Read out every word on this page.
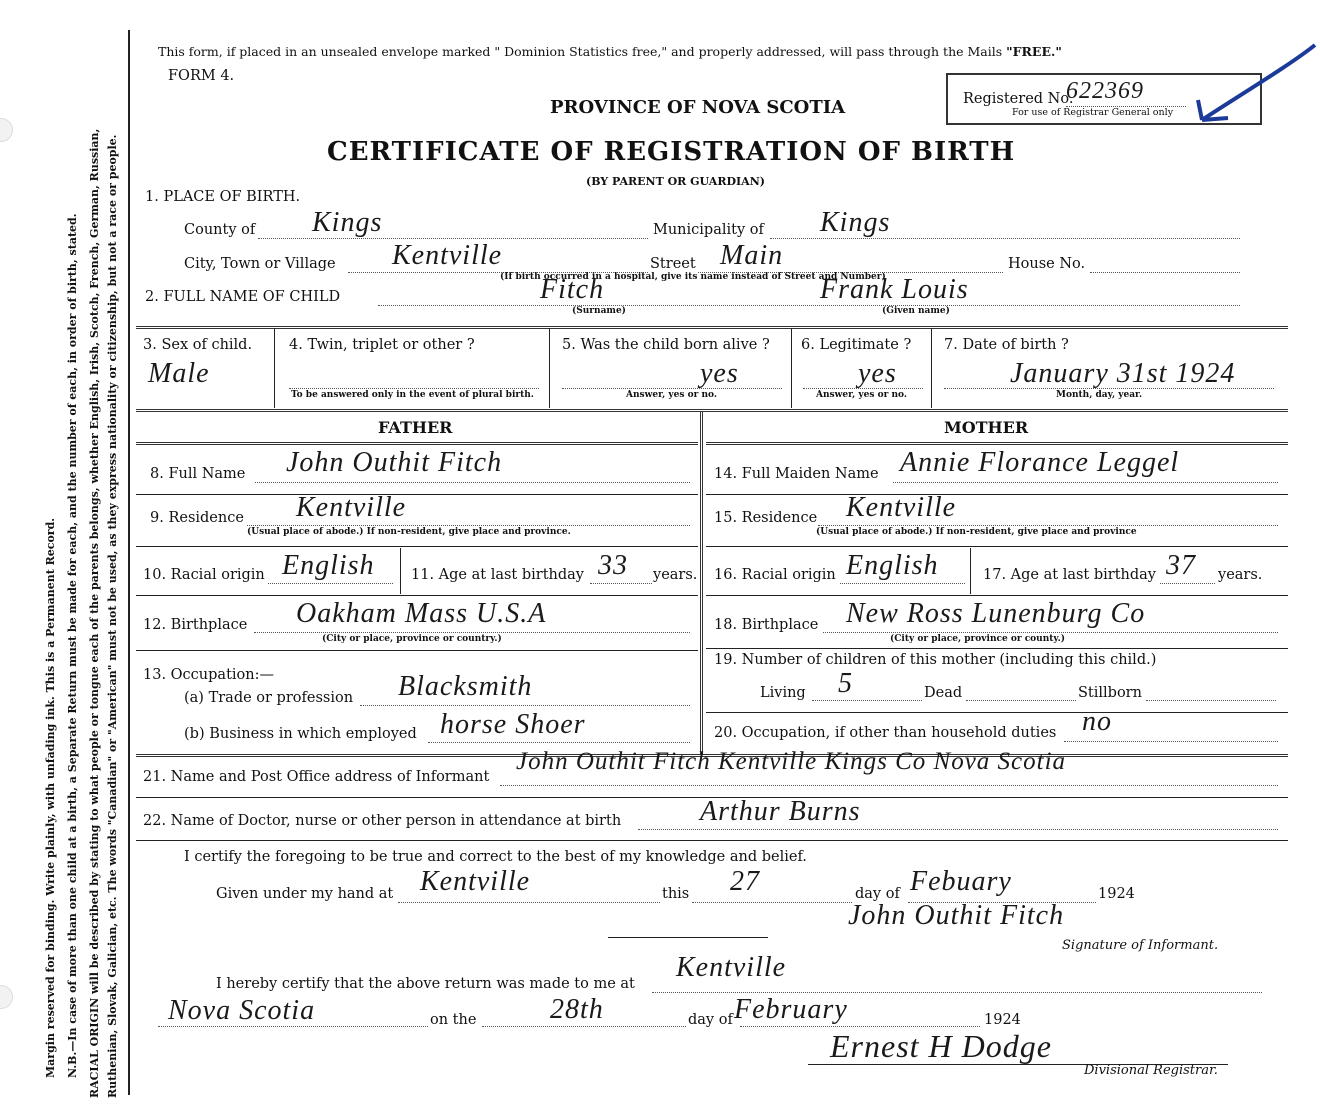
Margin reserved for binding. Write plainly, with unfading ink. This is a Permanent Record. N.B.—In case of more than one child at a birth, a Separate Return must be made for each, and the number of each, in order of birth, stated. RACIAL ORIGIN will be described by stating to what people or tongue each of the parents belongs, whether English, Irish, Scotch, French, German, Russian, Ruthenian, Slovak, Galician, etc. The words "Canadian" or "American" must not be used, as they express nationality or citizenship, but not a race or people.
This form, if placed in an unsealed envelope marked " Dominion Statistics free," and properly addressed, will pass through the Mails "FREE."
FORM 4.
PROVINCE OF NOVA SCOTIA
CERTIFICATE OF REGISTRATION OF BIRTH
(BY PARENT OR GUARDIAN)
Registered No.
622369
For use of Registrar General only
1. PLACE OF BIRTH.
County of Kings	Municipality of Kings
City, Town or Village Kentville	Street Main	House No.
(If birth occurred in a hospital, give its name instead of Street and Number)
2. FULL NAME OF CHILD	Fitch	Frank Louis
(Surname)	(Given name)
3. Sex of child.
Male
4. Twin, triplet or other ?
To be answered only in the event of plural birth.
5. Was the child born alive ?
yes
Answer, yes or no.
6. Legitimate ?
yes
Answer, yes or no.
7. Date of birth ?
January 31st 1924
Month, day, year.
FATHER	MOTHER
8. Full Name John Outhit Fitch
9. Residence Kentville
(Usual place of abode.) If non-resident, give place and province.
10. Racial origin English	11. Age at last birthday 33 years.
12. Birthplace Oakham Mass U.S.A
(City or place, province or country.)
13. Occupation:—
(a) Trade or profession Blacksmith
(b) Business in which employed horse Shoer
14. Full Maiden Name Annie Florance Leggel
15. Residence Kentville
(Usual place of abode.) If non-resident, give place and province
16. Racial origin English	17. Age at last birthday 37 years.
18. Birthplace New Ross Lunenburg Co
(City or place, province or county.)
19. Number of children of this mother (including this child.)
Living 5	Dead	Stillborn
20. Occupation, if other than household duties no
21. Name and Post Office address of Informant
John Outhit Fitch Kentville Kings Co Nova Scotia
22. Name of Doctor, nurse or other person in attendance at birth	Arthur Burns
I certify the foregoing to be true and correct to the best of my knowledge and belief.
Given under my hand at Kentville	this 27	day of Febuary	1924
John Outhit Fitch
Signature of Informant.
I hereby certify that the above return was made to me at
Kentville
Nova Scotia	on the	28th	day of February	1924
Ernest H Dodge
Divisional Registrar.
